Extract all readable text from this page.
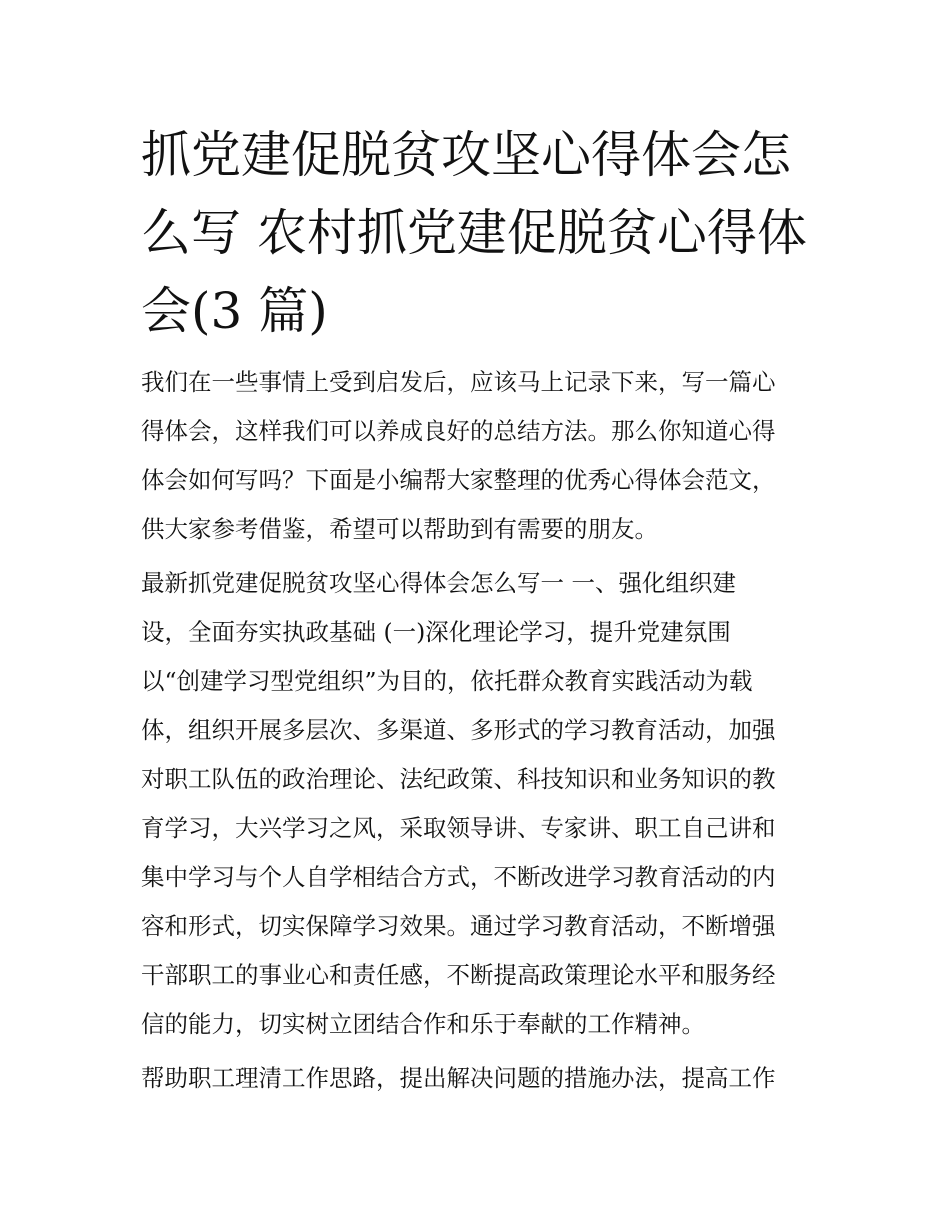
抓党建促脱贫攻坚心得体会怎
么写 农村抓党建促脱贫心得体
会(3 篇)

我们在一些事情上受到启发后，应该马上记录下来，写一篇心
得体会，这样我们可以养成良好的总结方法。那么你知道心得
体会如何写吗？下面是小编帮大家整理的优秀心得体会范文，
供大家参考借鉴，希望可以帮助到有需要的朋友。

最新抓党建促脱贫攻坚心得体会怎么写一 一、强化组织建
设，全面夯实执政基础 (一)深化理论学习，提升党建氛围
以“创建学习型党组织”为目的，依托群众教育实践活动为载
体，组织开展多层次、多渠道、多形式的学习教育活动，加强
对职工队伍的政治理论、法纪政策、科技知识和业务知识的教
育学习，大兴学习之风，采取领导讲、专家讲、职工自己讲和
集中学习与个人自学相结合方式，不断改进学习教育活动的内
容和形式，切实保障学习效果。通过学习教育活动，不断增强
干部职工的事业心和责任感，不断提高政策理论水平和服务经
信的能力，切实树立团结合作和乐于奉献的工作精神。

帮助职工理清工作思路，提出解决问题的措施办法，提高工作
